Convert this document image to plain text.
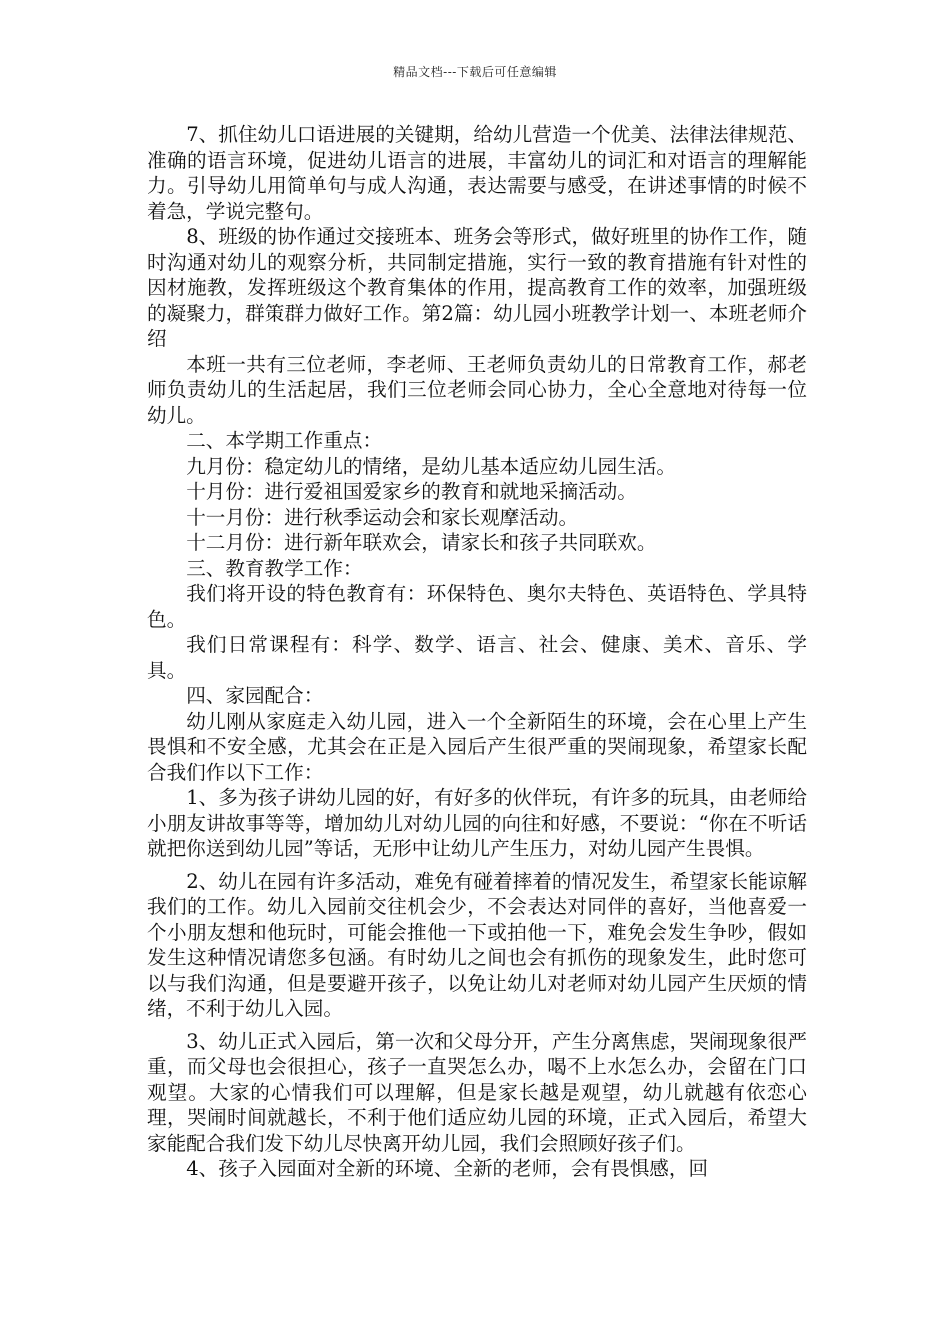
精品文档---下载后可任意编辑

7、抓住幼儿口语进展的关键期，给幼儿营造一个优美、法律法律规范、准确的语言环境，促进幼儿语言的进展，丰富幼儿的词汇和对语言的理解能力。引导幼儿用简单句与成人沟通，表达需要与感受，在讲述事情的时候不着急，学说完整句。

8、班级的协作通过交接班本、班务会等形式，做好班里的协作工作，随时沟通对幼儿的观察分析，共同制定措施，实行一致的教育措施有针对性的因材施教，发挥班级这个教育集体的作用，提高教育工作的效率，加强班级的凝聚力，群策群力做好工作。第2篇：幼儿园小班教学计划一、本班老师介绍

本班一共有三位老师，李老师、王老师负责幼儿的日常教育工作，郝老师负责幼儿的生活起居，我们三位老师会同心协力，全心全意地对待每一位幼儿。

二、本学期工作重点：

九月份：稳定幼儿的情绪，是幼儿基本适应幼儿园生活。

十月份：进行爱祖国爱家乡的教育和就地采摘活动。

十一月份：进行秋季运动会和家长观摩活动。

十二月份：进行新年联欢会，请家长和孩子共同联欢。

三、教育教学工作：

我们将开设的特色教育有：环保特色、奥尔夫特色、英语特色、学具特色。

我们日常课程有：科学、数学、语言、社会、健康、美术、音乐、学具。

四、家园配合：

幼儿刚从家庭走入幼儿园，进入一个全新陌生的环境，会在心里上产生畏惧和不安全感，尤其会在正是入园后产生很严重的哭闹现象，希望家长配合我们作以下工作：

1、多为孩子讲幼儿园的好，有好多的伙伴玩，有许多的玩具，由老师给小朋友讲故事等等，增加幼儿对幼儿园的向往和好感，不要说：“你在不听话就把你送到幼儿园”等话，无形中让幼儿产生压力，对幼儿园产生畏惧。

2、幼儿在园有许多活动，难免有碰着摔着的情况发生，希望家长能谅解我们的工作。幼儿入园前交往机会少，不会表达对同伴的喜好，当他喜爱一个小朋友想和他玩时，可能会推他一下或拍他一下，难免会发生争吵，假如发生这种情况请您多包涵。有时幼儿之间也会有抓伤的现象发生，此时您可以与我们沟通，但是要避开孩子，以免让幼儿对老师对幼儿园产生厌烦的情绪，不利于幼儿入园。

3、幼儿正式入园后，第一次和父母分开，产生分离焦虑，哭闹现象很严重，而父母也会很担心，孩子一直哭怎么办，喝不上水怎么办，会留在门口观望。大家的心情我们可以理解，但是家长越是观望，幼儿就越有依恋心理，哭闹时间就越长，不利于他们适应幼儿园的环境，正式入园后，希望大家能配合我们发下幼儿尽快离开幼儿园，我们会照顾好孩子们。

4、孩子入园面对全新的环境、全新的老师，会有畏惧感，回
